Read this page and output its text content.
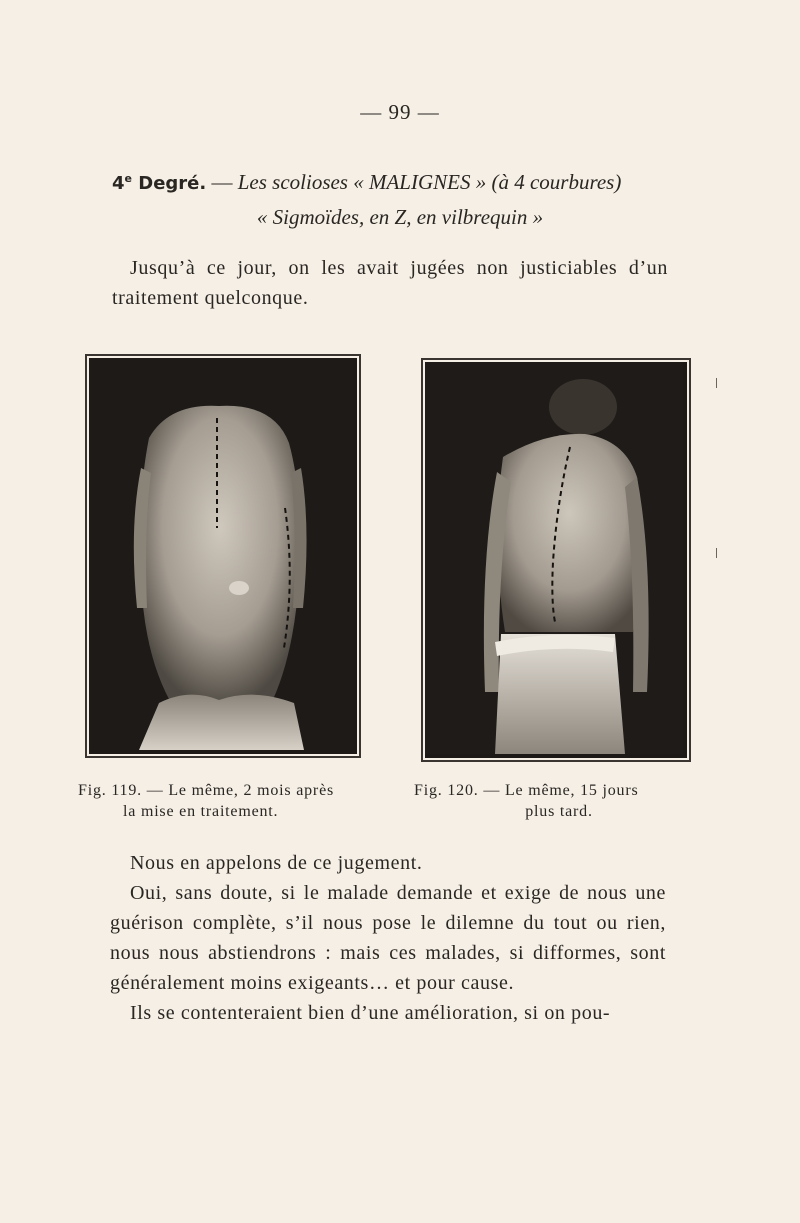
— 99 —
4e Degré. — Les scolioses « MALIGNES » (à 4 courbures)
« Sigmoïdes, en Z, en vilbrequin »
Jusqu’à ce jour, on les avait jugées non justiciables d’un traitement quelconque.
Fig. 119. — Le même, 2 mois après
la mise en traitement.
Fig. 120. — Le même, 15 jours
plus tard.

Nous en appelons de ce jugement.

Oui, sans doute, si le malade demande et exige de nous une guérison complète, s’il nous pose le dilemne du tout ou rien, nous nous abstiendrons : mais ces malades, si difformes, sont généralement moins exigeants… et pour cause.

Ils se contenteraient bien d’une amélioration, si on pou-
